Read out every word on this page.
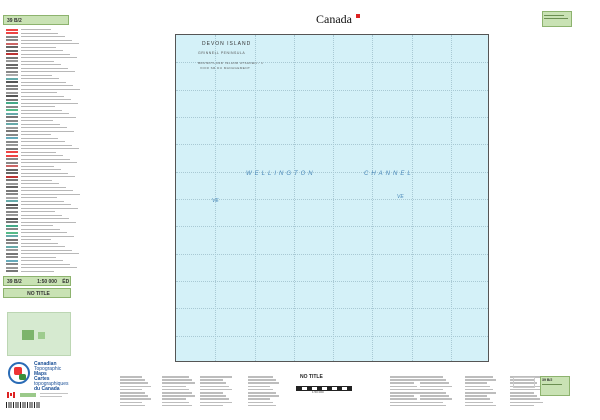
39 B/2
39 B/2	1:50 000 ÉD
NO TITLE
Canadian
Topographic
Maps
Cartes
topographiques
du Canada
Canada
DEVON ISLAND
GRINNELL PENINSULA
BRUNDTLAND ISLAND ATSAKEN / 1
VOIR SR DU MANAGEMENT
WELLINGTON	CHANNEL
VE
VE
NO TITLE
1:50 000
39 B/2
